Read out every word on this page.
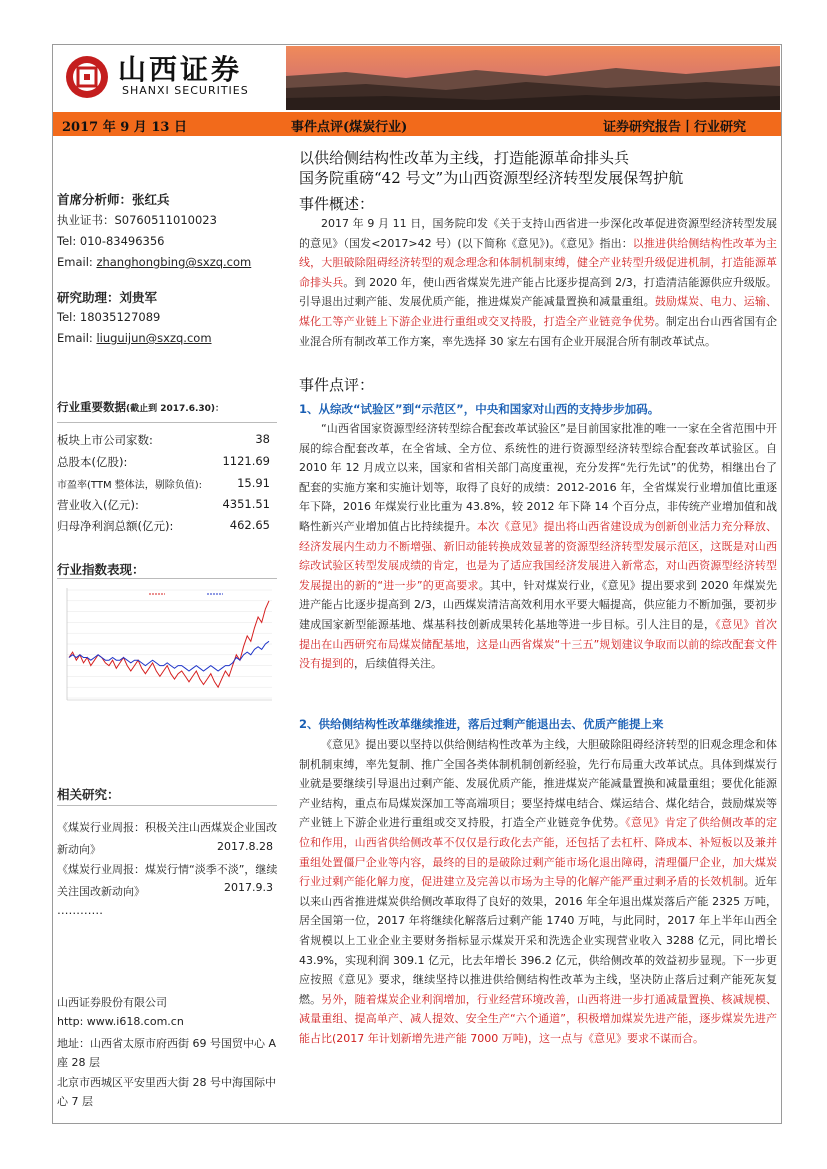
山西证券
SHANXI SECURITIES
2017 年 9 月 13 日	事件点评(煤炭行业)	证券研究报告丨行业研究
以供给侧结构性改革为主线，打造能源革命排头兵
国务院重磅“42 号文”为山西资源型经济转型发展保驾护航
事件概述：
2017 年 9 月 11 日，国务院印发《关于支持山西省进一步深化改革促进资源型经济转型发展的意见》（国发<2017>42 号）(以下简称《意见》)。《意见》指出：以推进供给侧结构性改革为主线，大胆破除阻碍经济转型的观念理念和体制机制束缚，健全产业转型升级促进机制，打造能源革命排头兵。到 2020 年，使山西省煤炭先进产能占比逐步提高到 2/3，打造清洁能源供应升级版。引导退出过剩产能、发展优质产能，推进煤炭产能减量置换和减量重组。鼓励煤炭、电力、运输、煤化工等产业链上下游企业进行重组或交叉持股，打造全产业链竞争优势。制定出台山西省国有企业混合所有制改革工作方案，率先选择 30 家左右国有企业开展混合所有制改革试点。
事件点评：
1、从综改“试验区”到“示范区”，中央和国家对山西的支持步步加码。
“山西省国家资源型经济转型综合配套改革试验区”是目前国家批准的唯一一家在全省范围中开展的综合配套改革，在全省域、全方位、系统性的进行资源型经济转型综合配套改革试验区。自 2010 年 12 月成立以来，国家和省相关部门高度重视，充分发挥“先行先试”的优势，相继出台了配套的实施方案和实施计划等，取得了良好的成绩：2012-2016 年，全省煤炭行业增加值比重逐年下降，2016 年煤炭行业比重为 43.8%，较 2012 年下降 14 个百分点，非传统产业增加值和战略性新兴产业增加值占比持续提升。本次《意见》提出将山西省建设成为创新创业活力充分释放、经济发展内生动力不断增强、新旧动能转换成效显著的资源型经济转型发展示范区，这既是对山西综改试验区转型发展成绩的肯定，也是为了适应我国经济发展进入新常态，对山西资源型经济转型发展提出的新的“进一步”的更高要求。其中，针对煤炭行业，《意见》提出要求到 2020 年煤炭先进产能占比逐步提高到 2/3，山西煤炭清洁高效利用水平要大幅提高，供应能力不断加强，要初步建成国家新型能源基地、煤基科技创新成果转化基地等进一步目标。引人注目的是，《意见》首次提出在山西研究布局煤炭储配基地，这是山西省煤炭“十三五”规划建议争取而以前的综改配套文件没有提到的，后续值得关注。
2、供给侧结构性改革继续推进，落后过剩产能退出去、优质产能提上来
《意见》提出要以坚持以供给侧结构性改革为主线，大胆破除阻碍经济转型的旧观念理念和体制机制束缚，率先复制、推广全国各类体制机制创新经验，先行布局重大改革试点。具体到煤炭行业就是要继续引导退出过剩产能、发展优质产能，推进煤炭产能减量置换和减量重组；要优化能源产业结构，重点布局煤炭深加工等高端项目；要坚持煤电结合、煤运结合、煤化结合，鼓励煤炭等产业链上下游企业进行重组或交叉持股，打造全产业链竞争优势。《意见》肯定了供给侧改革的定位和作用，山西省供给侧改革不仅仅是行政化去产能，还包括了去杠杆、降成本、补短板以及兼并重组处置僵尸企业等内容，最终的目的是破除过剩产能市场化退出障碍，清理僵尸企业，加大煤炭行业过剩产能化解力度，促进建立及完善以市场为主导的化解产能严重过剩矛盾的长效机制。近年以来山西省推进煤炭供给侧改革取得了良好的效果，2016 年全年退出煤炭落后产能 2325 万吨，居全国第一位，2017 年将继续化解落后过剩产能 1740 万吨，与此同时，2017 年上半年山西全省规模以上工业企业主要财务指标显示煤炭开采和洗选企业实现营业收入 3288 亿元，同比增长 43.9%，实现利润 309.1 亿元，比去年增长 396.2 亿元，供给侧改革的效益初步显现。下一步更应按照《意见》要求，继续坚持以推进供给侧结构性改革为主线，坚决防止落后过剩产能死灰复燃。另外，随着煤炭企业利润增加，行业经营环境改善，山西将进一步打通减量置换、核减规模、减量重组、提高单产、减人提效、安全生产“六个通道”，积极增加煤炭先进产能，逐步煤炭先进产能占比(2017 年计划新增先进产能 7000 万吨)，这一点与《意见》要求不谋而合。
首席分析师：张红兵
执业证书：S0760511010023
Tel: 010-83496356
Email: zhanghongbing@sxzq.com
研究助理：刘贵军
Tel: 18035127089
Email: liuguijun@sxzq.com
行业重要数据(截止到 2017.6.30)：
板块上市公司家数:	38
总股本(亿股):	1121.69
市盈率(TTM 整体法，剔除负值):	15.91
营业收入(亿元):	4351.51
归母净利润总额(亿元):	462.65
行业指数表现：
相关研究：
《煤炭行业周报：积极关注山西煤炭企业国改新动向》	2017.8.28
《煤炭行业周报：煤炭行情“淡季不淡”，继续关注国改新动向》	2017.9.3
…………
山西证券股份有限公司
http: www.i618.com.cn
地址：山西省太原市府西街 69 号国贸中心 A 座 28 层
北京市西城区平安里西大街 28 号中海国际中心 7 层
